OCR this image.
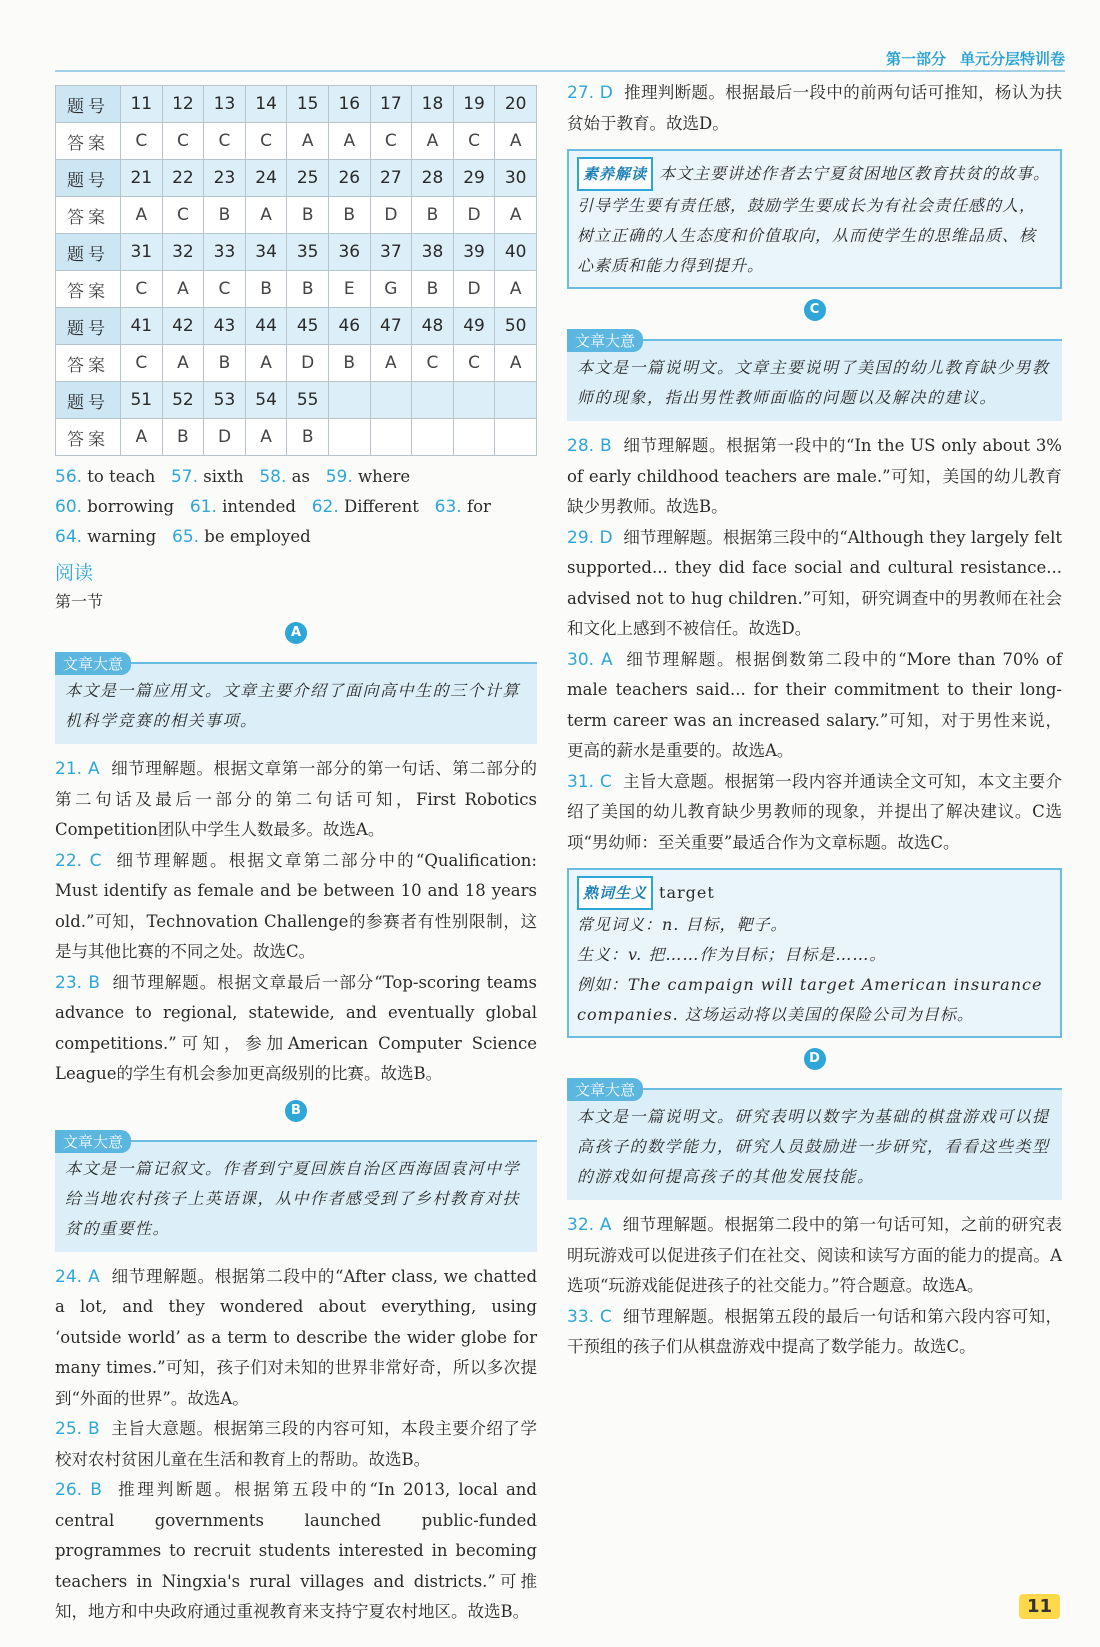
第一部分 单元分层特训卷
题号	11	12	13	14	15	16	17	18	19	20
答案	C	C	C	C	A	A	C	A	C	A
题号	21	22	23	24	25	26	27	28	29	30
答案	A	C	B	A	B	B	D	B	D	A
题号	31	32	33	34	35	36	37	38	39	40
答案	C	A	C	B	B	E	G	B	D	A
题号	41	42	43	44	45	46	47	48	49	50
答案	C	A	B	A	D	B	A	C	C	A
题号	51	52	53	54	55					
答案	A	B	D	A	B					

56. to teach 57. sixth 58. as 59. where

60. borrowing 61. intended 62. Different 63. for

64. warning 65. be employed

阅读
第一节
A
文章大意

本文是一篇应用文。文章主要介绍了面向高中生的三个计算机科学竞赛的相关事项。

21. A 细节理解题。根据文章第一部分的第一句话、第二部分的第二句话及最后一部分的第二句话可知，First Robotics Competition团队中学生人数最多。故选A。

22. C 细节理解题。根据文章第二部分中的“Qualification: Must identify as female and be between 10 and 18 years old.”可知，Technovation Challenge的参赛者有性别限制，这是与其他比赛的不同之处。故选C。

23. B 细节理解题。根据文章最后一部分“Top-scoring teams advance to regional, statewide, and eventually global competitions.”可知，参加American Computer Science League的学生有机会参加更高级别的比赛。故选B。

B
文章大意

本文是一篇记叙文。作者到宁夏回族自治区西海固袁河中学给当地农村孩子上英语课，从中作者感受到了乡村教育对扶贫的重要性。

24. A 细节理解题。根据第二段中的“After class, we chatted a lot, and they wondered about everything, using ‘outside world’ as a term to describe the wider globe for many times.”可知，孩子们对未知的世界非常好奇，所以多次提到“外面的世界”。故选A。

25. B 主旨大意题。根据第三段的内容可知，本段主要介绍了学校对农村贫困儿童在生活和教育上的帮助。故选B。

26. B 推理判断题。根据第五段中的“In 2013, local and central governments launched public-funded programmes to recruit students interested in becoming teachers in Ningxia's rural villages and districts.”可推知，地方和中央政府通过重视教育来支持宁夏农村地区。故选B。

27. D 推理判断题。根据最后一段中的前两句话可推知，杨认为扶贫始于教育。故选D。

素养解读 本文主要讲述作者去宁夏贫困地区教育扶贫的故事。引导学生要有责任感，鼓励学生要成长为有社会责任感的人，树立正确的人生态度和价值取向，从而使学生的思维品质、核心素质和能力得到提升。

C
文章大意

本文是一篇说明文。文章主要说明了美国的幼儿教育缺少男教师的现象，指出男性教师面临的问题以及解决的建议。

28. B 细节理解题。根据第一段中的“In the US only about 3% of early childhood teachers are male.”可知，美国的幼儿教育缺少男教师。故选B。

29. D 细节理解题。根据第三段中的“Although they largely felt supported... they did face social and cultural resistance... advised not to hug children.”可知，研究调查中的男教师在社会和文化上感到不被信任。故选D。

30. A 细节理解题。根据倒数第二段中的“More than 70% of male teachers said... for their commitment to their long-term career was an increased salary.”可知，对于男性来说，更高的薪水是重要的。故选A。

31. C 主旨大意题。根据第一段内容并通读全文可知，本文主要介绍了美国的幼儿教育缺少男教师的现象，并提出了解决建议。C选项“男幼师：至关重要”最适合作为文章标题。故选C。

熟词生义 target

常见词义：n. 目标，靶子。

生义：v. 把……作为目标；目标是……。

例如：The campaign will target American insurance companies. 这场运动将以美国的保险公司为目标。

D
文章大意

本文是一篇说明文。研究表明以数字为基础的棋盘游戏可以提高孩子的数学能力，研究人员鼓励进一步研究，看看这些类型的游戏如何提高孩子的其他发展技能。

32. A 细节理解题。根据第二段中的第一句话可知，之前的研究表明玩游戏可以促进孩子们在社交、阅读和读写方面的能力的提高。A选项“玩游戏能促进孩子的社交能力。”符合题意。故选A。

33. C 细节理解题。根据第五段的最后一句话和第六段内容可知，干预组的孩子们从棋盘游戏中提高了数学能力。故选C。

11
